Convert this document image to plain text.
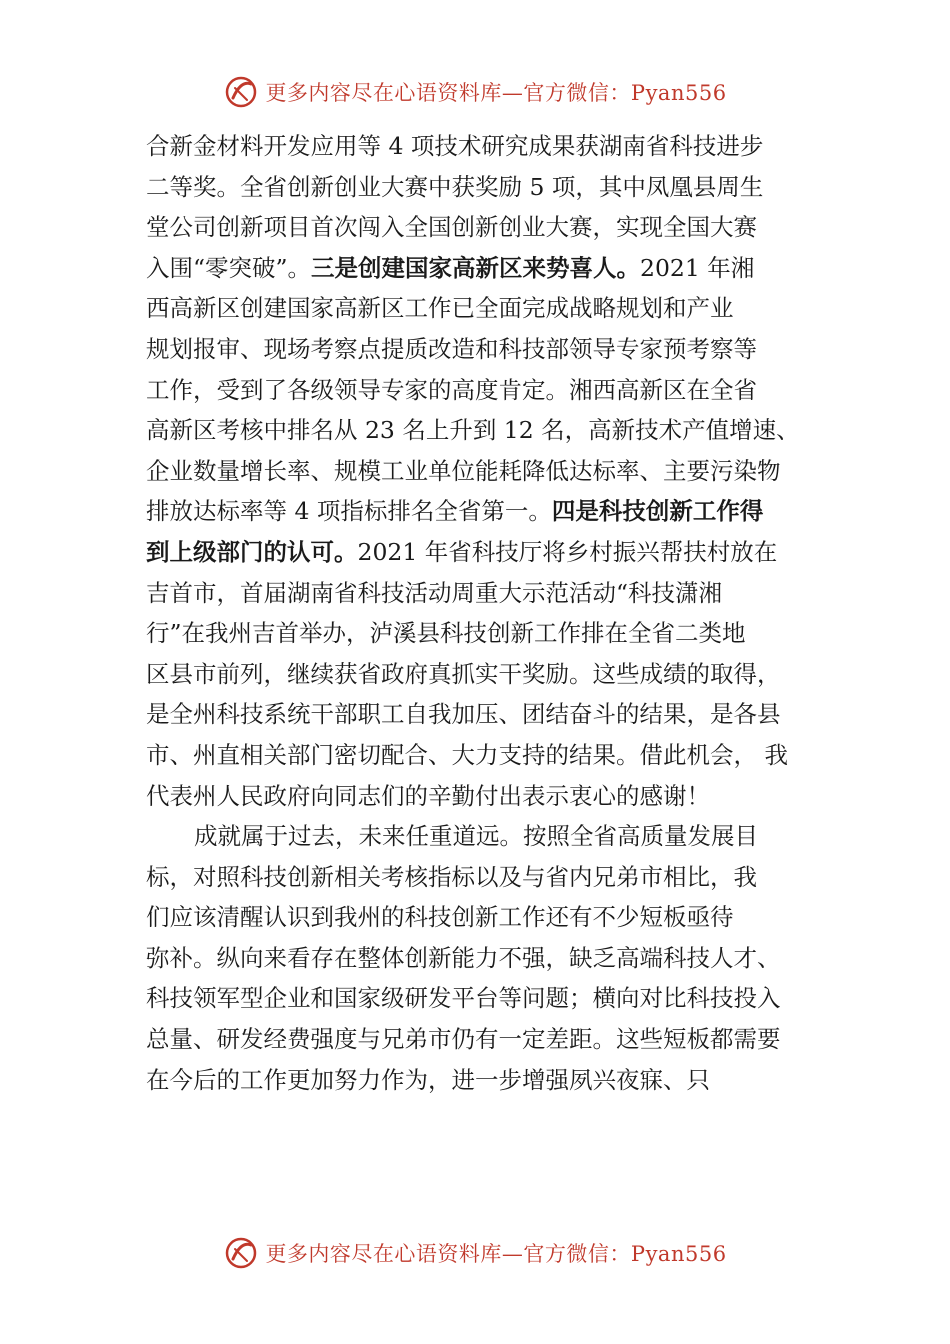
更多内容尽在心语资料库—官方微信：Pyan556
合新金材料开发应用等 4 项技术研究成果获湖南省科技进步
二等奖。全省创新创业大赛中获奖励 5 项，其中凤凰县周生
堂公司创新项目首次闯入全国创新创业大赛，实现全国大赛
入围“零突破”。三是创建国家高新区来势喜人。2021 年湘
西高新区创建国家高新区工作已全面完成战略规划和产业
规划报审、现场考察点提质改造和科技部领导专家预考察等
工作，受到了各级领导专家的高度肯定。湘西高新区在全省
高新区考核中排名从 23 名上升到 12 名，高新技术产值增速、
企业数量增长率、规模工业单位能耗降低达标率、主要污染物
排放达标率等 4 项指标排名全省第一。四是科技创新工作得
到上级部门的认可。2021 年省科技厅将乡村振兴帮扶村放在
吉首市，首届湖南省科技活动周重大示范活动“科技潇湘
行”在我州吉首举办，泸溪县科技创新工作排在全省二类地
区县市前列，继续获省政府真抓实干奖励。这些成绩的取得，
是全州科技系统干部职工自我加压、团结奋斗的结果，是各县
市、州直相关部门密切配合、大力支持的结果。借此机会， 我
代表州人民政府向同志们的辛勤付出表示衷心的感谢！
成就属于过去，未来任重道远。按照全省高质量发展目
标，对照科技创新相关考核指标以及与省内兄弟市相比，我
们应该清醒认识到我州的科技创新工作还有不少短板亟待
弥补。纵向来看存在整体创新能力不强，缺乏高端科技人才、
科技领军型企业和国家级研发平台等问题；横向对比科技投入
总量、研发经费强度与兄弟市仍有一定差距。这些短板都需要
在今后的工作更加努力作为，进一步增强夙兴夜寐、只
更多内容尽在心语资料库—官方微信：Pyan556
